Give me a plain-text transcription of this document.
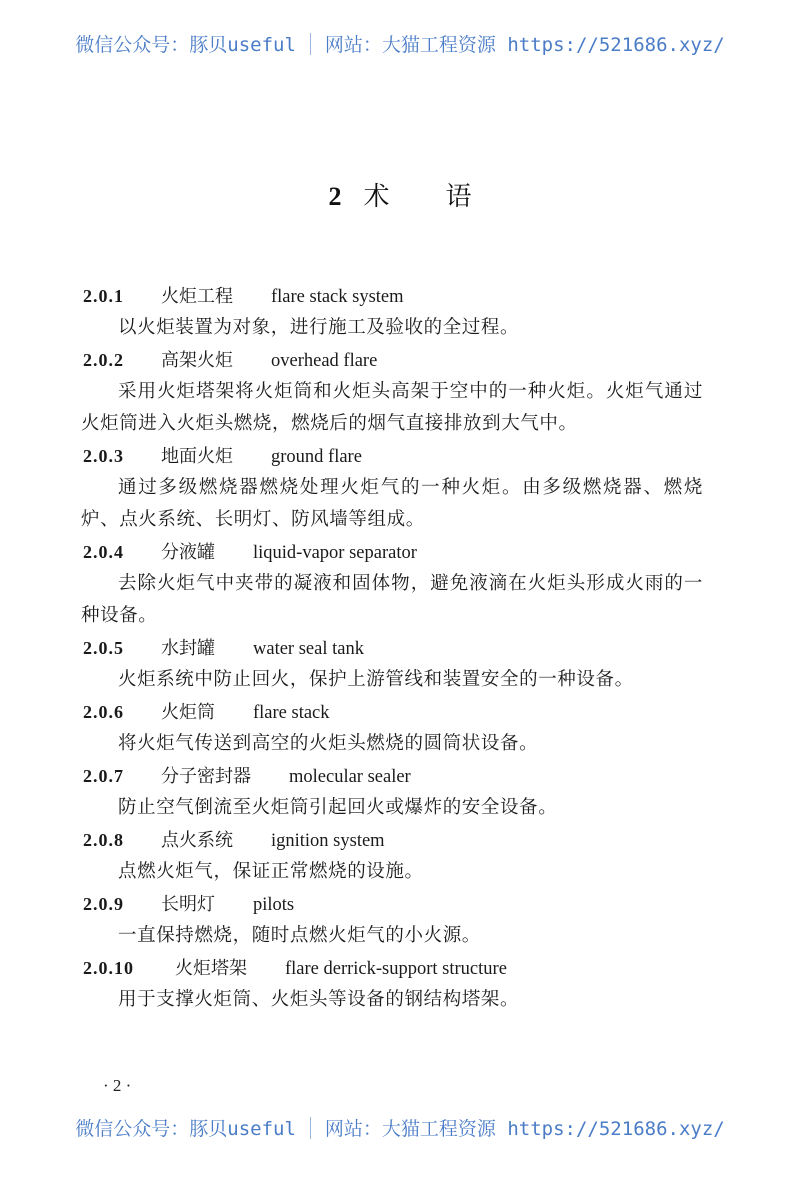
微信公众号：豚贝useful 网站：大猫工程资源 https://521686.xyz/
2 术 语
2.0.1 火炬工程 flare stack system
以火炬装置为对象，进行施工及验收的全过程。
2.0.2 高架火炬 overhead flare
采用火炬塔架将火炬筒和火炬头高架于空中的一种火炬。火炬气通过火炬筒进入火炬头燃烧，燃烧后的烟气直接排放到大气中。
2.0.3 地面火炬 ground flare
通过多级燃烧器燃烧处理火炬气的一种火炬。由多级燃烧器、燃烧炉、点火系统、长明灯、防风墙等组成。
2.0.4 分液罐 liquid-vapor separator
去除火炬气中夹带的凝液和固体物，避免液滴在火炬头形成火雨的一种设备。
2.0.5 水封罐 water seal tank
火炬系统中防止回火，保护上游管线和装置安全的一种设备。
2.0.6 火炬筒 flare stack
将火炬气传送到高空的火炬头燃烧的圆筒状设备。
2.0.7 分子密封器 molecular sealer
防止空气倒流至火炬筒引起回火或爆炸的安全设备。
2.0.8 点火系统 ignition system
点燃火炬气，保证正常燃烧的设施。
2.0.9 长明灯 pilots
一直保持燃烧，随时点燃火炬气的小火源。
2.0.10 火炬塔架 flare derrick-support structure
用于支撑火炬筒、火炬头等设备的钢结构塔架。
· 2 ·
微信公众号：豚贝useful 网站：大猫工程资源 https://521686.xyz/
